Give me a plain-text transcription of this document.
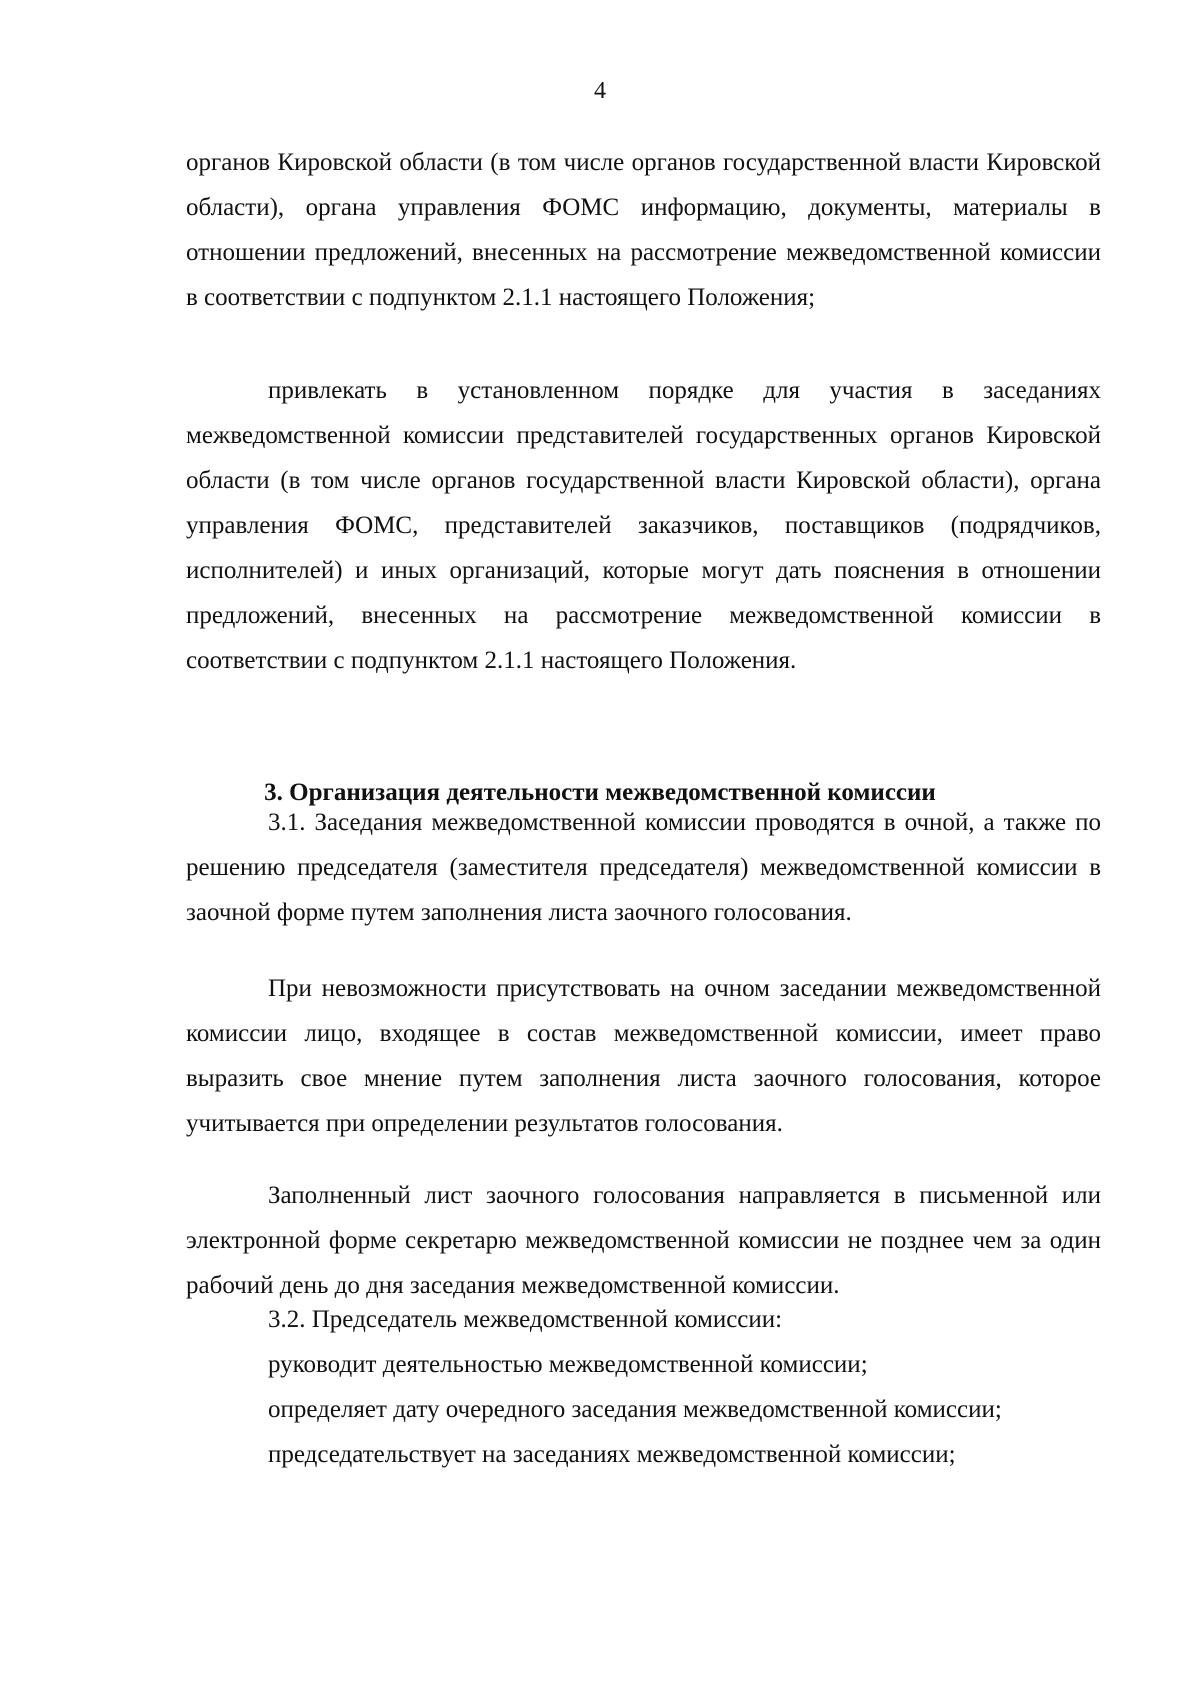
4

органов Кировской области (в том числе органов государственной власти Кировской области), органа управления ФОМС информацию, документы, материалы в отношении предложений, внесенных на рассмотрение межведомственной комиссии в соответствии с подпунктом 2.1.1 настоящего Положения;

привлекать в установленном порядке для участия в заседаниях межведомственной комиссии представителей государственных органов Кировской области (в том числе органов государственной власти Кировской области), органа управления ФОМС, представителей заказчиков, поставщиков (подрядчиков, исполнителей) и иных организаций, которые могут дать пояснения в отношении предложений, внесенных на рассмотрение межведомственной комиссии в соответствии с подпунктом 2.1.1 настоящего Положения.

3. Организация деятельности межведомственной комиссии

3.1. Заседания межведомственной комиссии проводятся в очной, а также по решению председателя (заместителя председателя) межведомственной комиссии в заочной форме путем заполнения листа заочного голосования.

При невозможности присутствовать на очном заседании межведомственной комиссии лицо, входящее в состав межведомственной комиссии, имеет право выразить свое мнение путем заполнения листа заочного голосования, которое учитывается при определении результатов голосования.

Заполненный лист заочного голосования направляется в письменной или электронной форме секретарю межведомственной комиссии не позднее чем за один рабочий день до дня заседания межведомственной комиссии.

3.2. Председатель межведомственной комиссии:

руководит деятельностью межведомственной комиссии;

определяет дату очередного заседания межведомственной комиссии;

председательствует на заседаниях межведомственной комиссии;
